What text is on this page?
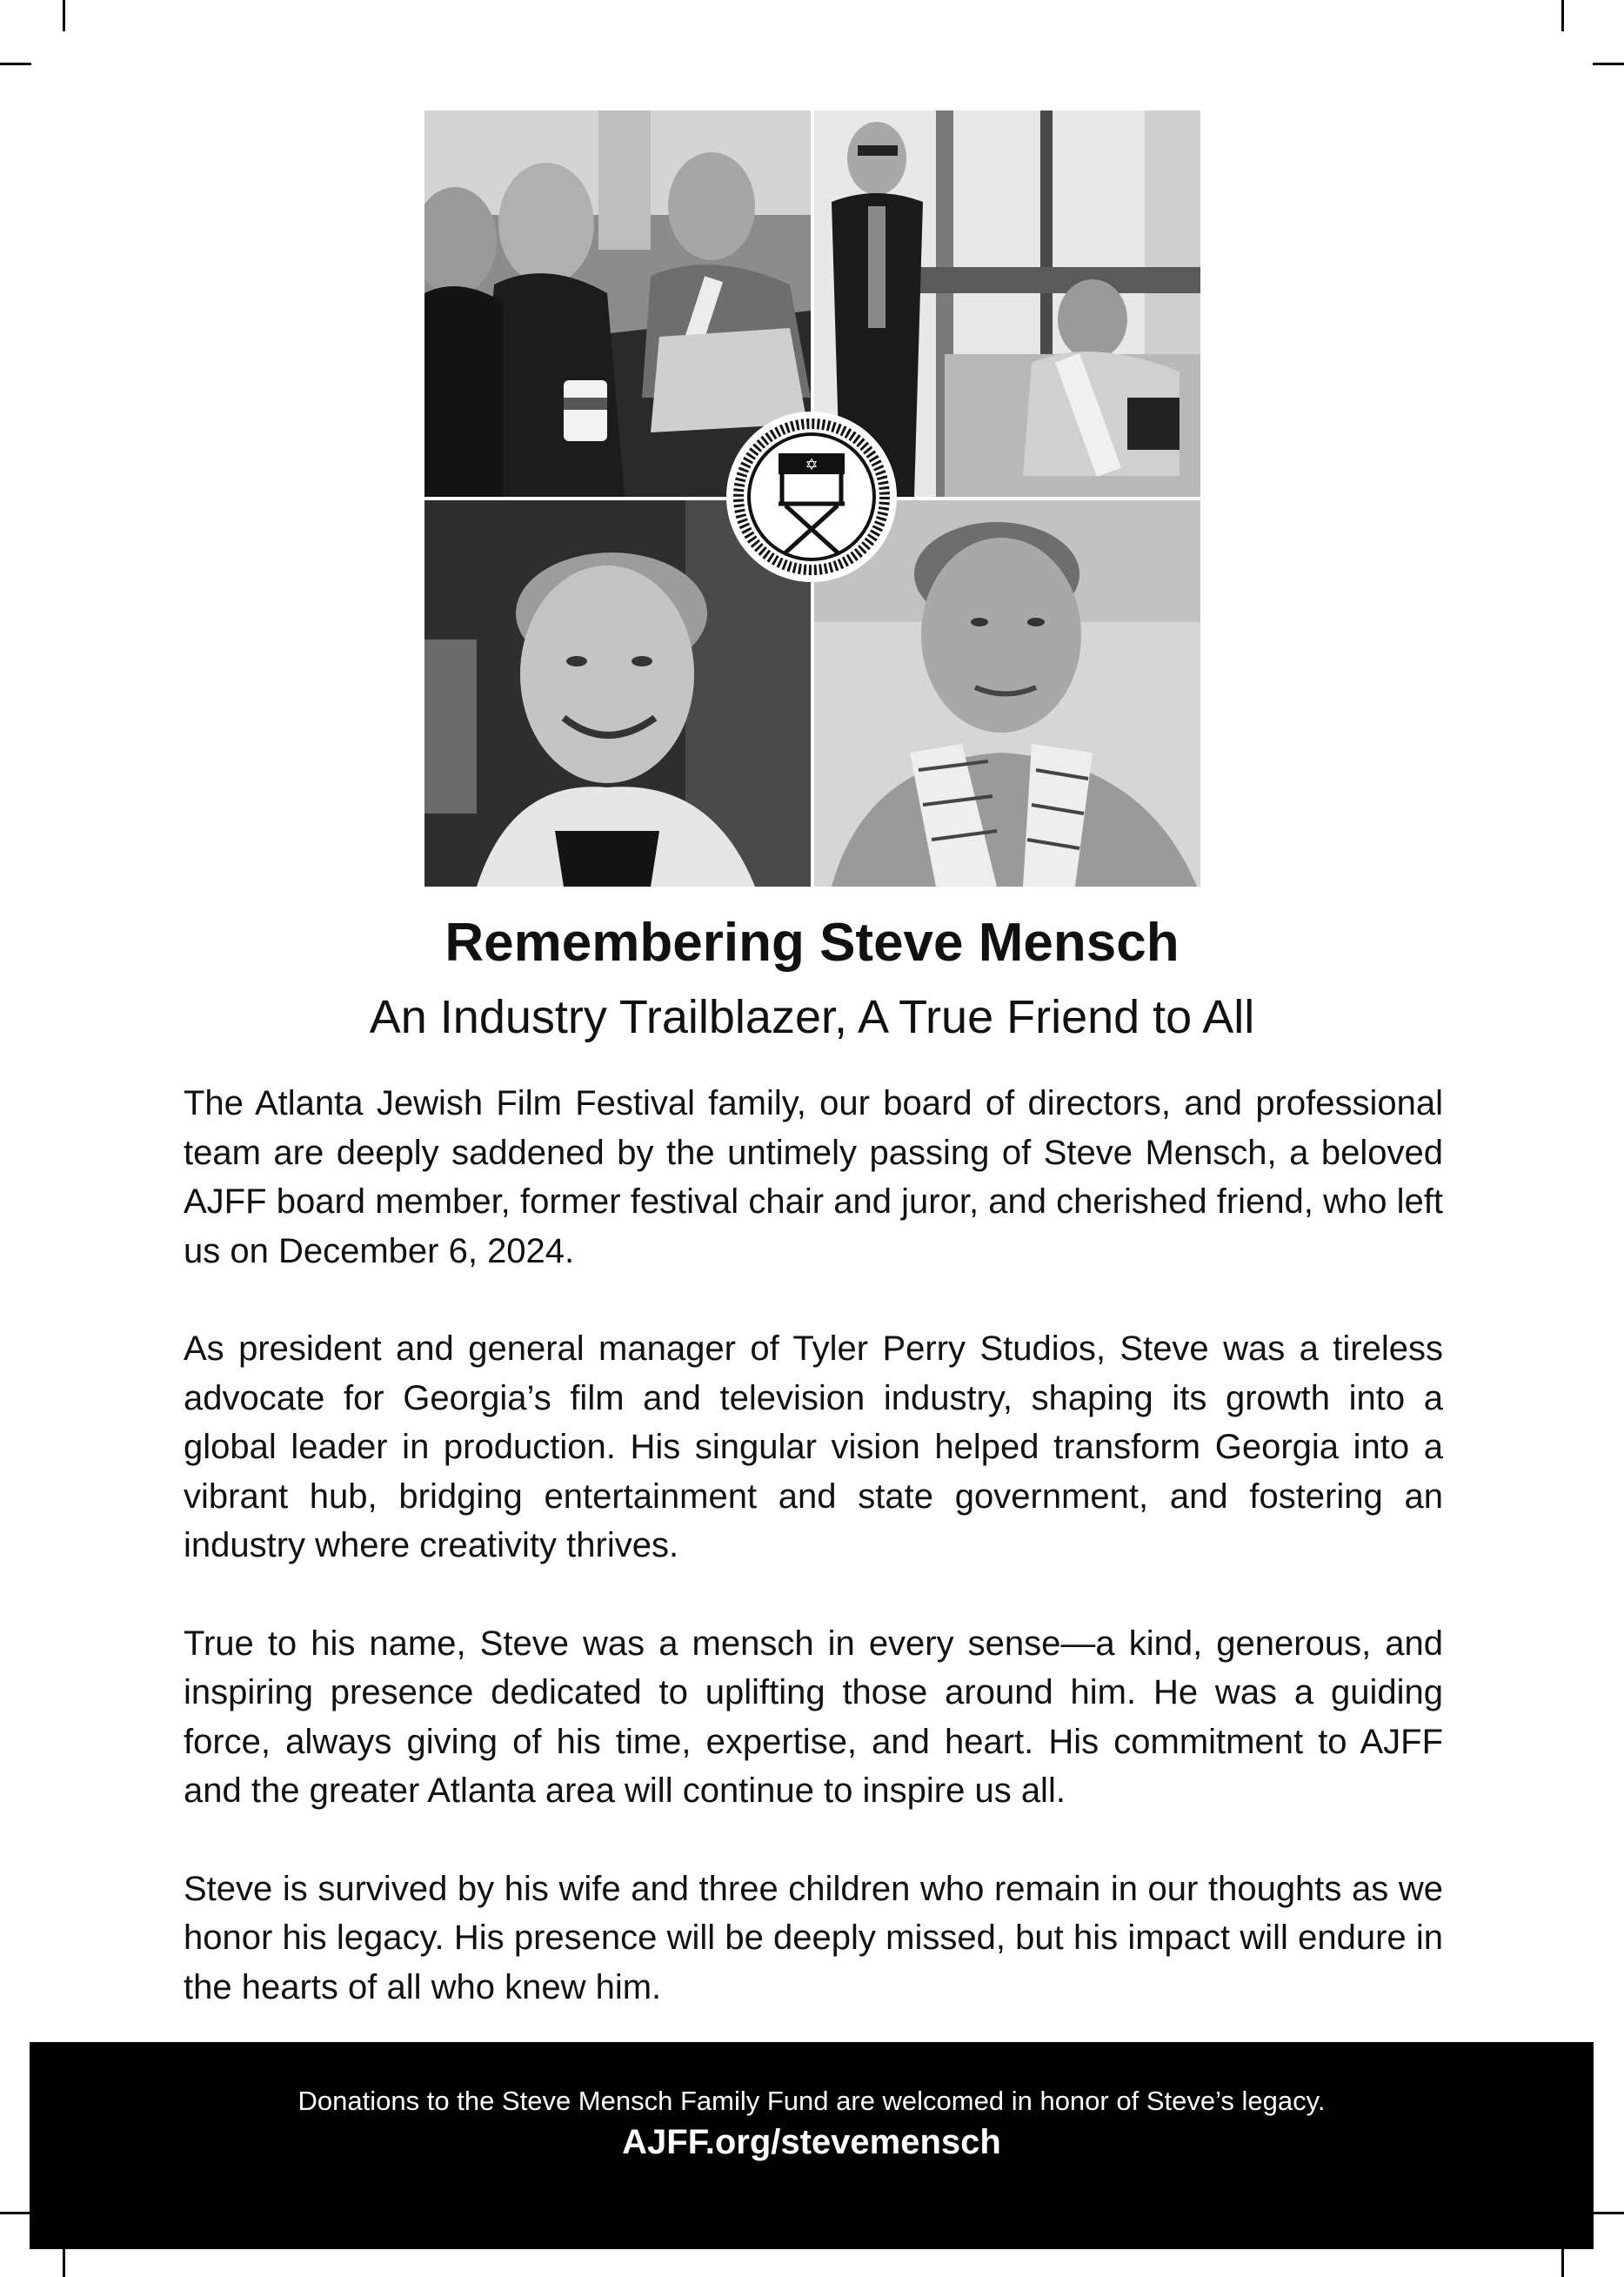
✡
Remembering Steve Mensch
An Industry Trailblazer, A True Friend to All

The Atlanta Jewish Film Festival family, our board of directors, and professional team are deeply saddened by the untimely passing of Steve Mensch, a beloved AJFF board member, former festival chair and juror, and cherished friend, who left us on December 6, 2024.

As president and general manager of Tyler Perry Studios, Steve was a tireless advocate for Georgia’s film and television industry, shaping its growth into a global leader in production. His singular vision helped transform Georgia into a vibrant hub, bridging entertainment and state government, and fostering an industry where creativity thrives.

True to his name, Steve was a mensch in every sense—a kind, generous, and inspiring presence dedicated to uplifting those around him. He was a guiding force, always giving of his time, expertise, and heart. His commitment to AJFF and the greater Atlanta area will continue to inspire us all.

Steve is survived by his wife and three children who remain in our thoughts as we honor his legacy. His presence will be deeply missed, but his impact will endure in the hearts of all who knew him.

Donations to the Steve Mensch Family Fund are welcomed in honor of Steve’s legacy.
AJFF.org/stevemensch
